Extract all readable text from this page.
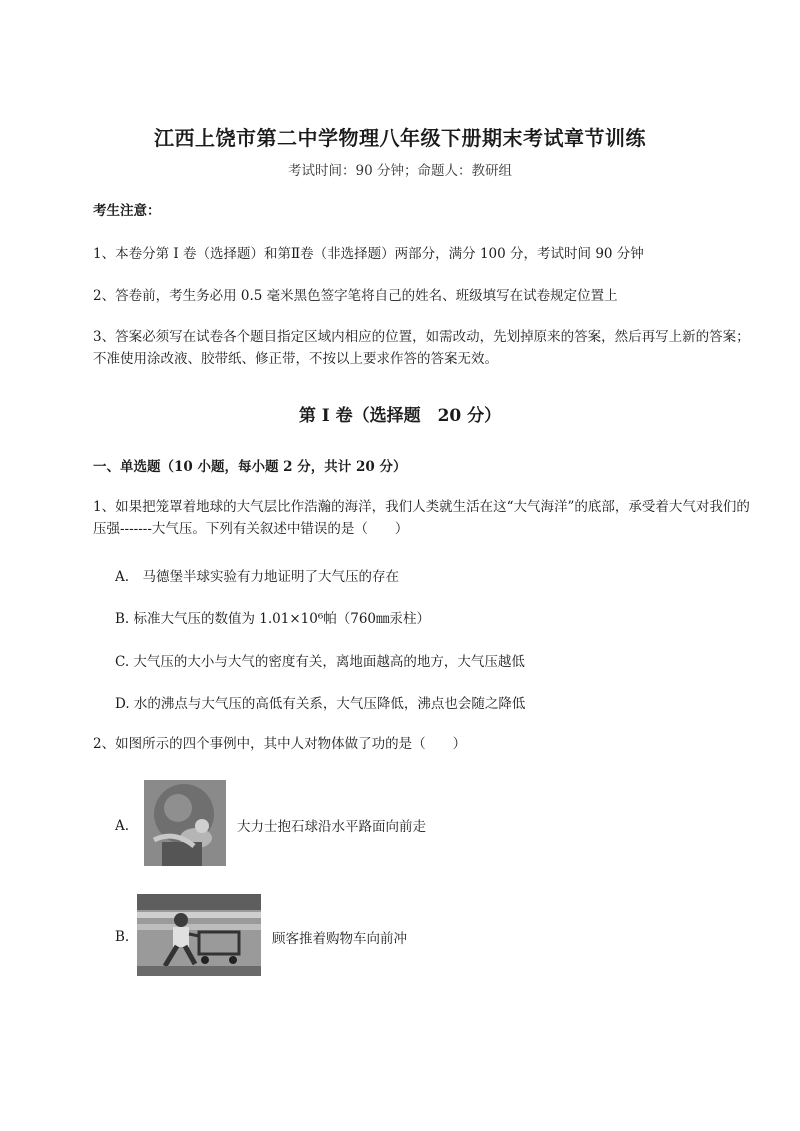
江西上饶市第二中学物理八年级下册期末考试章节训练
考试时间：90 分钟；命题人：教研组
考生注意：
1、本卷分第 I 卷（选择题）和第Ⅱ卷（非选择题）两部分，满分 100 分，考试时间 90 分钟
2、答卷前，考生务必用 0.5 毫米黑色签字笔将自己的姓名、班级填写在试卷规定位置上
3、答案必须写在试卷各个题目指定区域内相应的位置，如需改动，先划掉原来的答案，然后再写上新的答案；不准使用涂改液、胶带纸、修正带，不按以上要求作答的答案无效。
第 I 卷（选择题　20 分）
一、单选题（10 小题，每小题 2 分，共计 20 分）
1、如果把笼罩着地球的大气层比作浩瀚的海洋，我们人类就生活在这“大气海洋”的底部，承受着大气对我们的压强-------大气压。下列有关叙述中错误的是（　　）
A.　马德堡半球实验有力地证明了大气压的存在
B. 标准大气压的数值为 1.01×10⁶帕（760㎜汞柱）
C. 大气压的大小与大气的密度有关，离地面越高的地方，大气压越低
D. 水的沸点与大气压的高低有关系，大气压降低，沸点也会随之降低
2、如图所示的四个事例中，其中人对物体做了功的是（　　）
A.	大力士抱石球沿水平路面向前走
B.	顾客推着购物车向前冲
